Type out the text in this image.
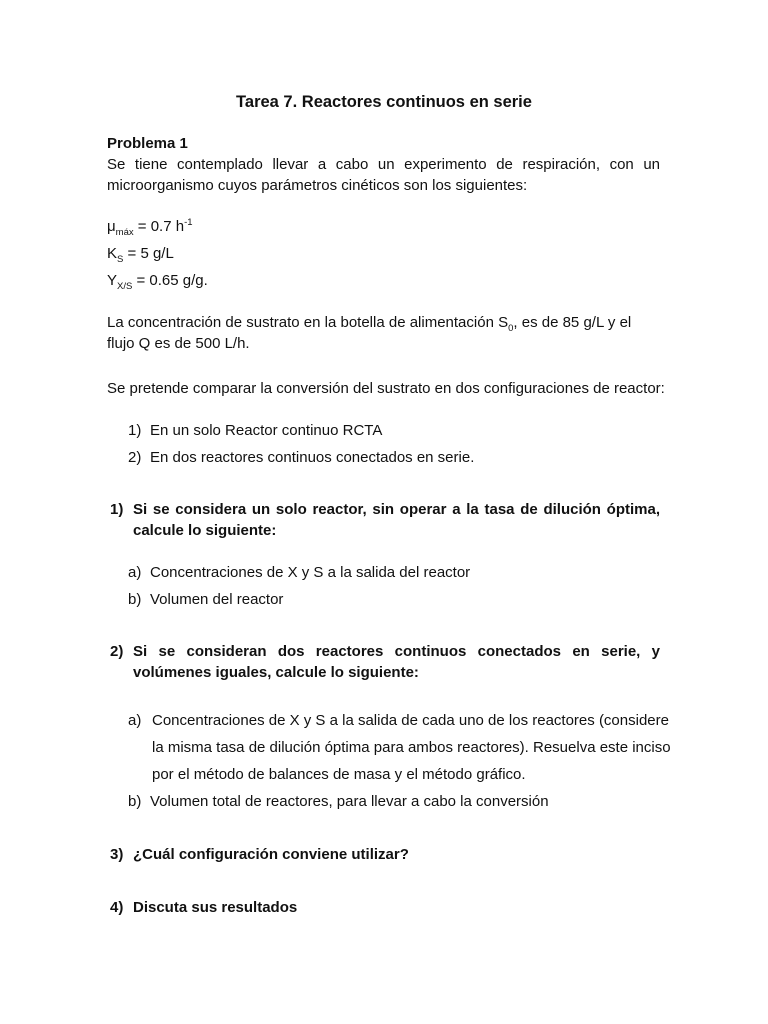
Tarea 7. Reactores continuos en serie
Problema 1

Se tiene contemplado llevar a cabo un experimento de respiración, con un microorganismo cuyos parámetros cinéticos son los siguientes:

$\mu_{máx} = 0.7$ $h^{-1}$
$K_S = 5$ g/L
$Y_{X/S} = 0.65$ g/g.

La concentración de sustrato en la botella de alimentación $S_0$, es de 85 g/L y el flujo Q es de 500 L/h.

Se pretende comparar la conversión del sustrato en dos configuraciones de reactor:

1) En un solo Reactor continuo RCTA
2) En dos reactores continuos conectados en serie.
1) Si se considera un solo reactor, sin operar a la tasa de dilución óptima, calcule lo siguiente:

a) Concentraciones de X y S a la salida del reactor
b) Volumen del reactor
2) Si se consideran dos reactores continuos conectados en serie, y volúmenes iguales, calcule lo siguiente:

a) Concentraciones de X y S a la salida de cada uno de los reactores (considere
la misma tasa de dilución óptima para ambos reactores). Resuelva este inciso
por el método de balances de masa y el método gráfico.
b) Volumen total de reactores, para llevar a cabo la conversión
3) ¿Cuál configuración conviene utilizar?
4) Discuta sus resultados
